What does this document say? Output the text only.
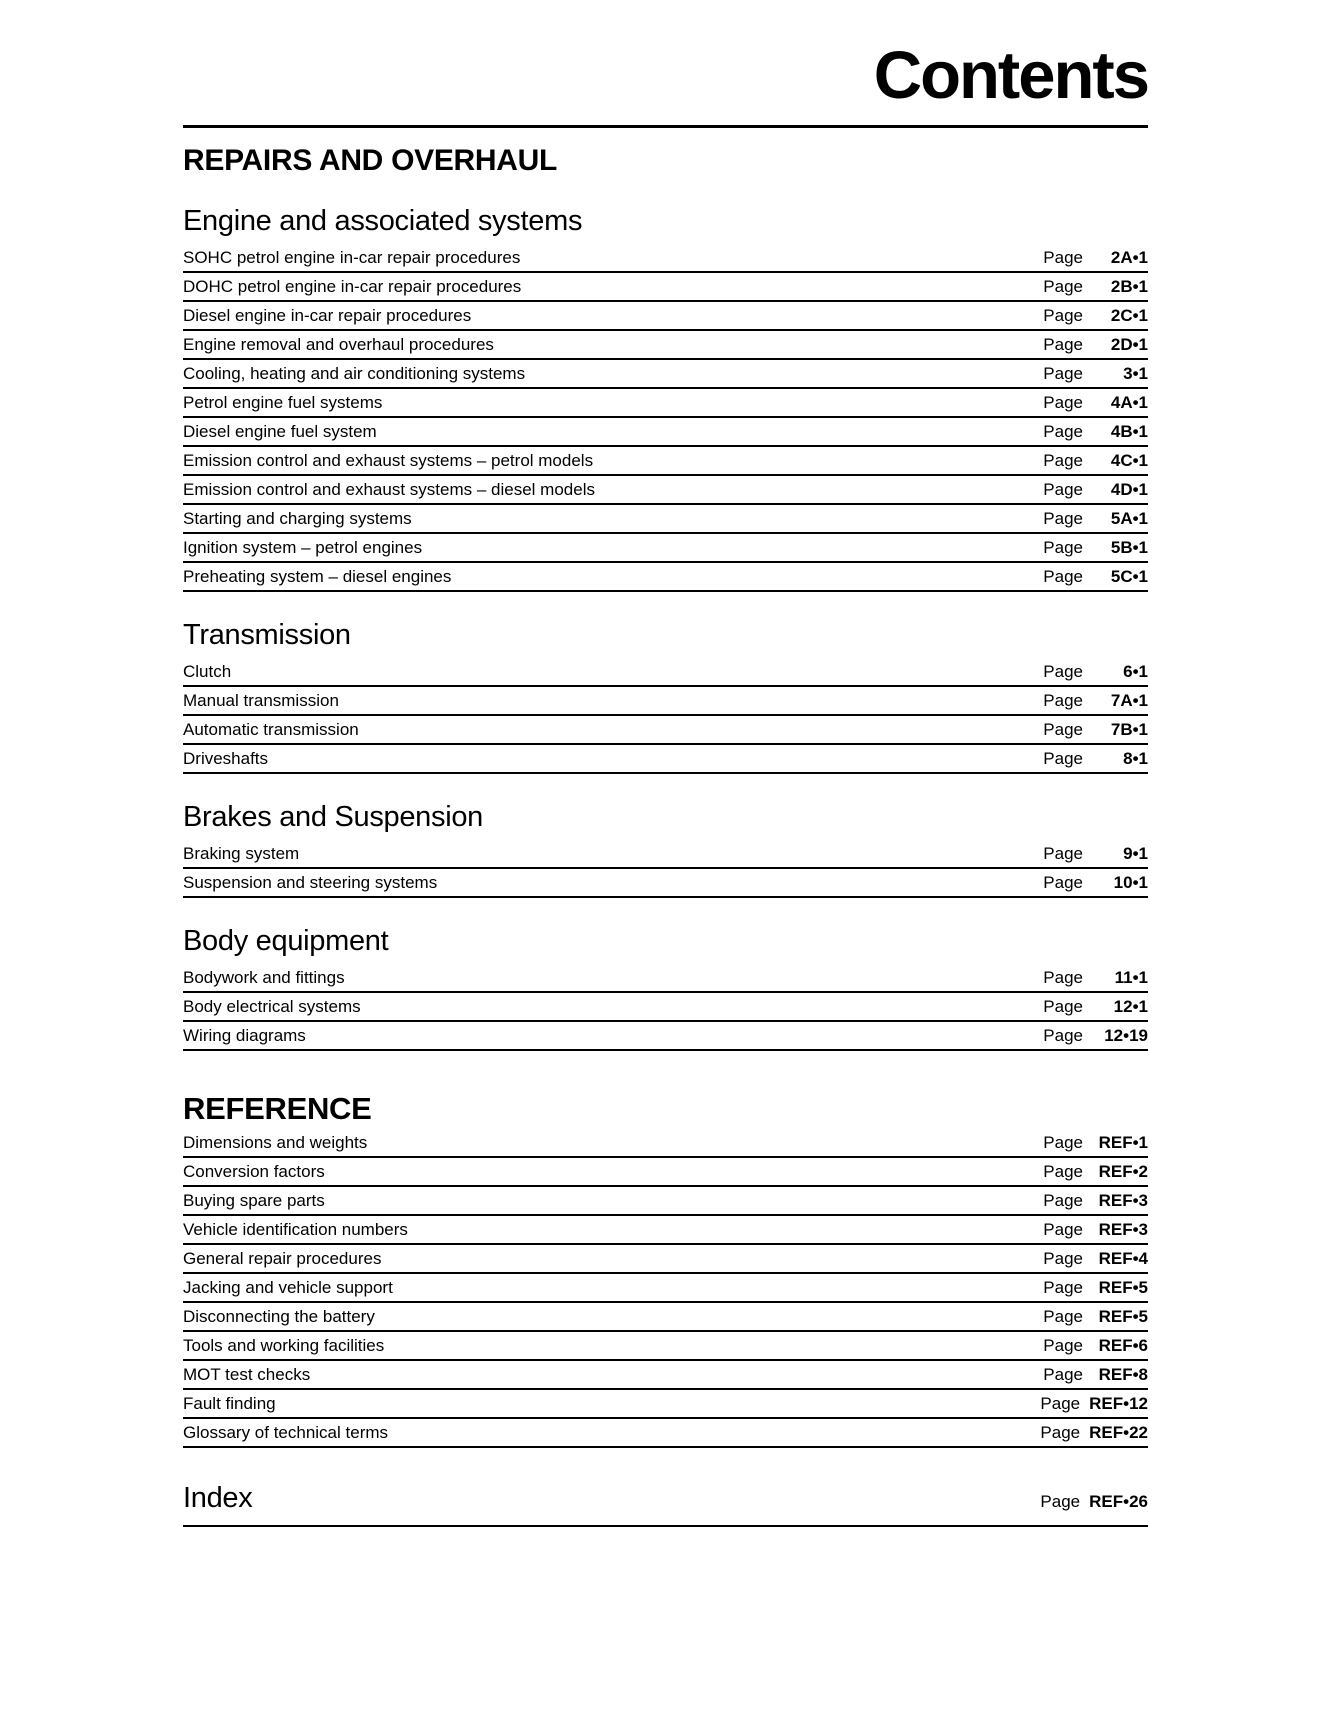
Contents
REPAIRS AND OVERHAUL
Engine and associated systems
SOHC petrol engine in-car repair procedures	Page	2A•1
DOHC petrol engine in-car repair procedures	Page	2B•1
Diesel engine in-car repair procedures	Page	2C•1
Engine removal and overhaul procedures	Page	2D•1
Cooling, heating and air conditioning systems	Page	3•1
Petrol engine fuel systems	Page	4A•1
Diesel engine fuel system	Page	4B•1
Emission control and exhaust systems – petrol models	Page	4C•1
Emission control and exhaust systems – diesel models	Page	4D•1
Starting and charging systems	Page	5A•1
Ignition system – petrol engines	Page	5B•1
Preheating system – diesel engines	Page	5C•1
Transmission
Clutch	Page	6•1
Manual transmission	Page	7A•1
Automatic transmission	Page	7B•1
Driveshafts	Page	8•1
Brakes and Suspension
Braking system	Page	9•1
Suspension and steering systems	Page	10•1
Body equipment
Bodywork and fittings	Page	11•1
Body electrical systems	Page	12•1
Wiring diagrams	Page	12•19
REFERENCE
Dimensions and weights	Page REF•1
Conversion factors	Page REF•2
Buying spare parts	Page REF•3
Vehicle identification numbers	Page REF•3
General repair procedures	Page REF•4
Jacking and vehicle support	Page REF•5
Disconnecting the battery	Page REF•5
Tools and working facilities	Page REF•6
MOT test checks	Page REF•8
Fault finding	Page REF•12
Glossary of technical terms	Page REF•22
Index	Page REF•26
